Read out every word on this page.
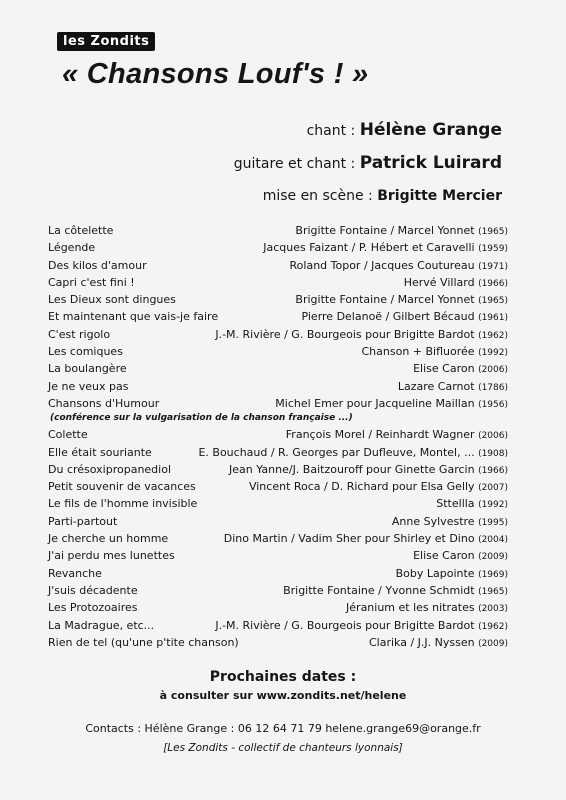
les Zondits
« Chansons Louf's ! »
chant : Hélène Grange
guitare et chant : Patrick Luirard
mise en scène : Brigitte Mercier
La côtelette	Brigitte Fontaine / Marcel Yonnet (1965)
Légende	Jacques Faizant / P. Hébert et Caravelli (1959)
Des kilos d'amour	Roland Topor / Jacques Coutureau (1971)
Capri c'est fini !	Hervé Villard (1966)
Les Dieux sont dingues	Brigitte Fontaine / Marcel Yonnet (1965)
Et maintenant que vais-je faire	Pierre Delanoë / Gilbert Bécaud (1961)
C'est rigolo	J.-M. Rivière / G. Bourgeois pour Brigitte Bardot (1962)
Les comiques	Chanson + Bifluorée (1992)
La boulangère	Elise Caron (2006)
Je ne veux pas	Lazare Carnot (1786)
Chansons d'Humour	Michel Emer pour Jacqueline Maillan (1956)
(conférence sur la vulgarisation de la chanson française ...)
Colette	François Morel / Reinhardt Wagner (2006)
Elle était souriante	E. Bouchaud / R. Georges par Dufleuve, Montel, ... (1908)
Du crésoxipropanediol	Jean Yanne/J. Baitzouroff pour Ginette Garcin (1966)
Petit souvenir de vacances	Vincent Roca / D. Richard pour Elsa Gelly (2007)
Le fils de l'homme invisible	Sttellla (1992)
Parti-partout	Anne Sylvestre (1995)
Je cherche un homme	Dino Martin / Vadim Sher pour Shirley et Dino (2004)
J'ai perdu mes lunettes	Elise Caron (2009)
Revanche	Boby Lapointe (1969)
J'suis décadente	Brigitte Fontaine / Yvonne Schmidt (1965)
Les Protozoaires	Jéranium et les nitrates (2003)
La Madrague, etc...	J.-M. Rivière / G. Bourgeois pour Brigitte Bardot (1962)
Rien de tel (qu'une p'tite chanson)	Clarika / J.J. Nyssen (2009)
Prochaines dates :
à consulter sur www.zondits.net/helene
Contacts : Hélène Grange : 06 12 64 71 79 helene.grange69@orange.fr
[Les Zondits - collectif de chanteurs lyonnais]
